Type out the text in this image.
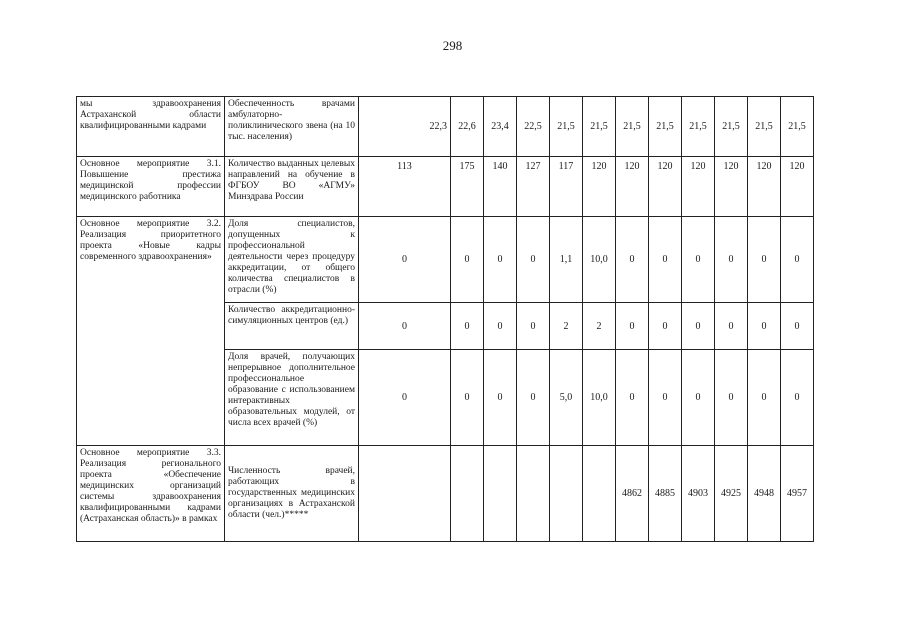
298
мы здравоохранения Астраханской области квалифицированными кадрами	Обеспеченность врачами амбулаторно-поликлинического звена (на 10 тыс. населения)	22,3	22,6	23,4	22,5	21,5	21,5	21,5	21,5	21,5	21,5	21,5	21,5
Основное мероприятие 3.1. Повышение престижа медицинской профессии медицинского работника	Количество выданных целевых направлений на обучение в ФГБОУ ВО «АГМУ» Минздрава России	113	175	140	127	117	120	120	120	120	120	120	120
Основное мероприятие 3.2. Реализация приоритетного проекта «Новые кадры современного здравоохранения»	Доля специалистов, допущенных к профессиональной деятельности через процедуру аккредитации, от общего количества специалистов в отрасли (%)	0	0	0	0	1,1	10,0	0	0	0	0	0	0
	Количество аккредитационно-симуляционных центров (ед.)	0	0	0	0	2	2	0	0	0	0	0	0
	Доля врачей, получающих непрерывное дополнительное профессиональное образование с использованием интерактивных образовательных модулей, от числа всех врачей (%)	0	0	0	0	5,0	10,0	0	0	0	0	0	0
Основное мероприятие 3.3. Реализация регионального проекта «Обеспечение медицинских организаций системы здравоохранения квалифицированными кадрами (Астраханская область)» в рамках	Численность врачей, работающих в государственных медицинских организациях в Астраханской области (чел.)*****							4862	4885	4903	4925	4948	4957
